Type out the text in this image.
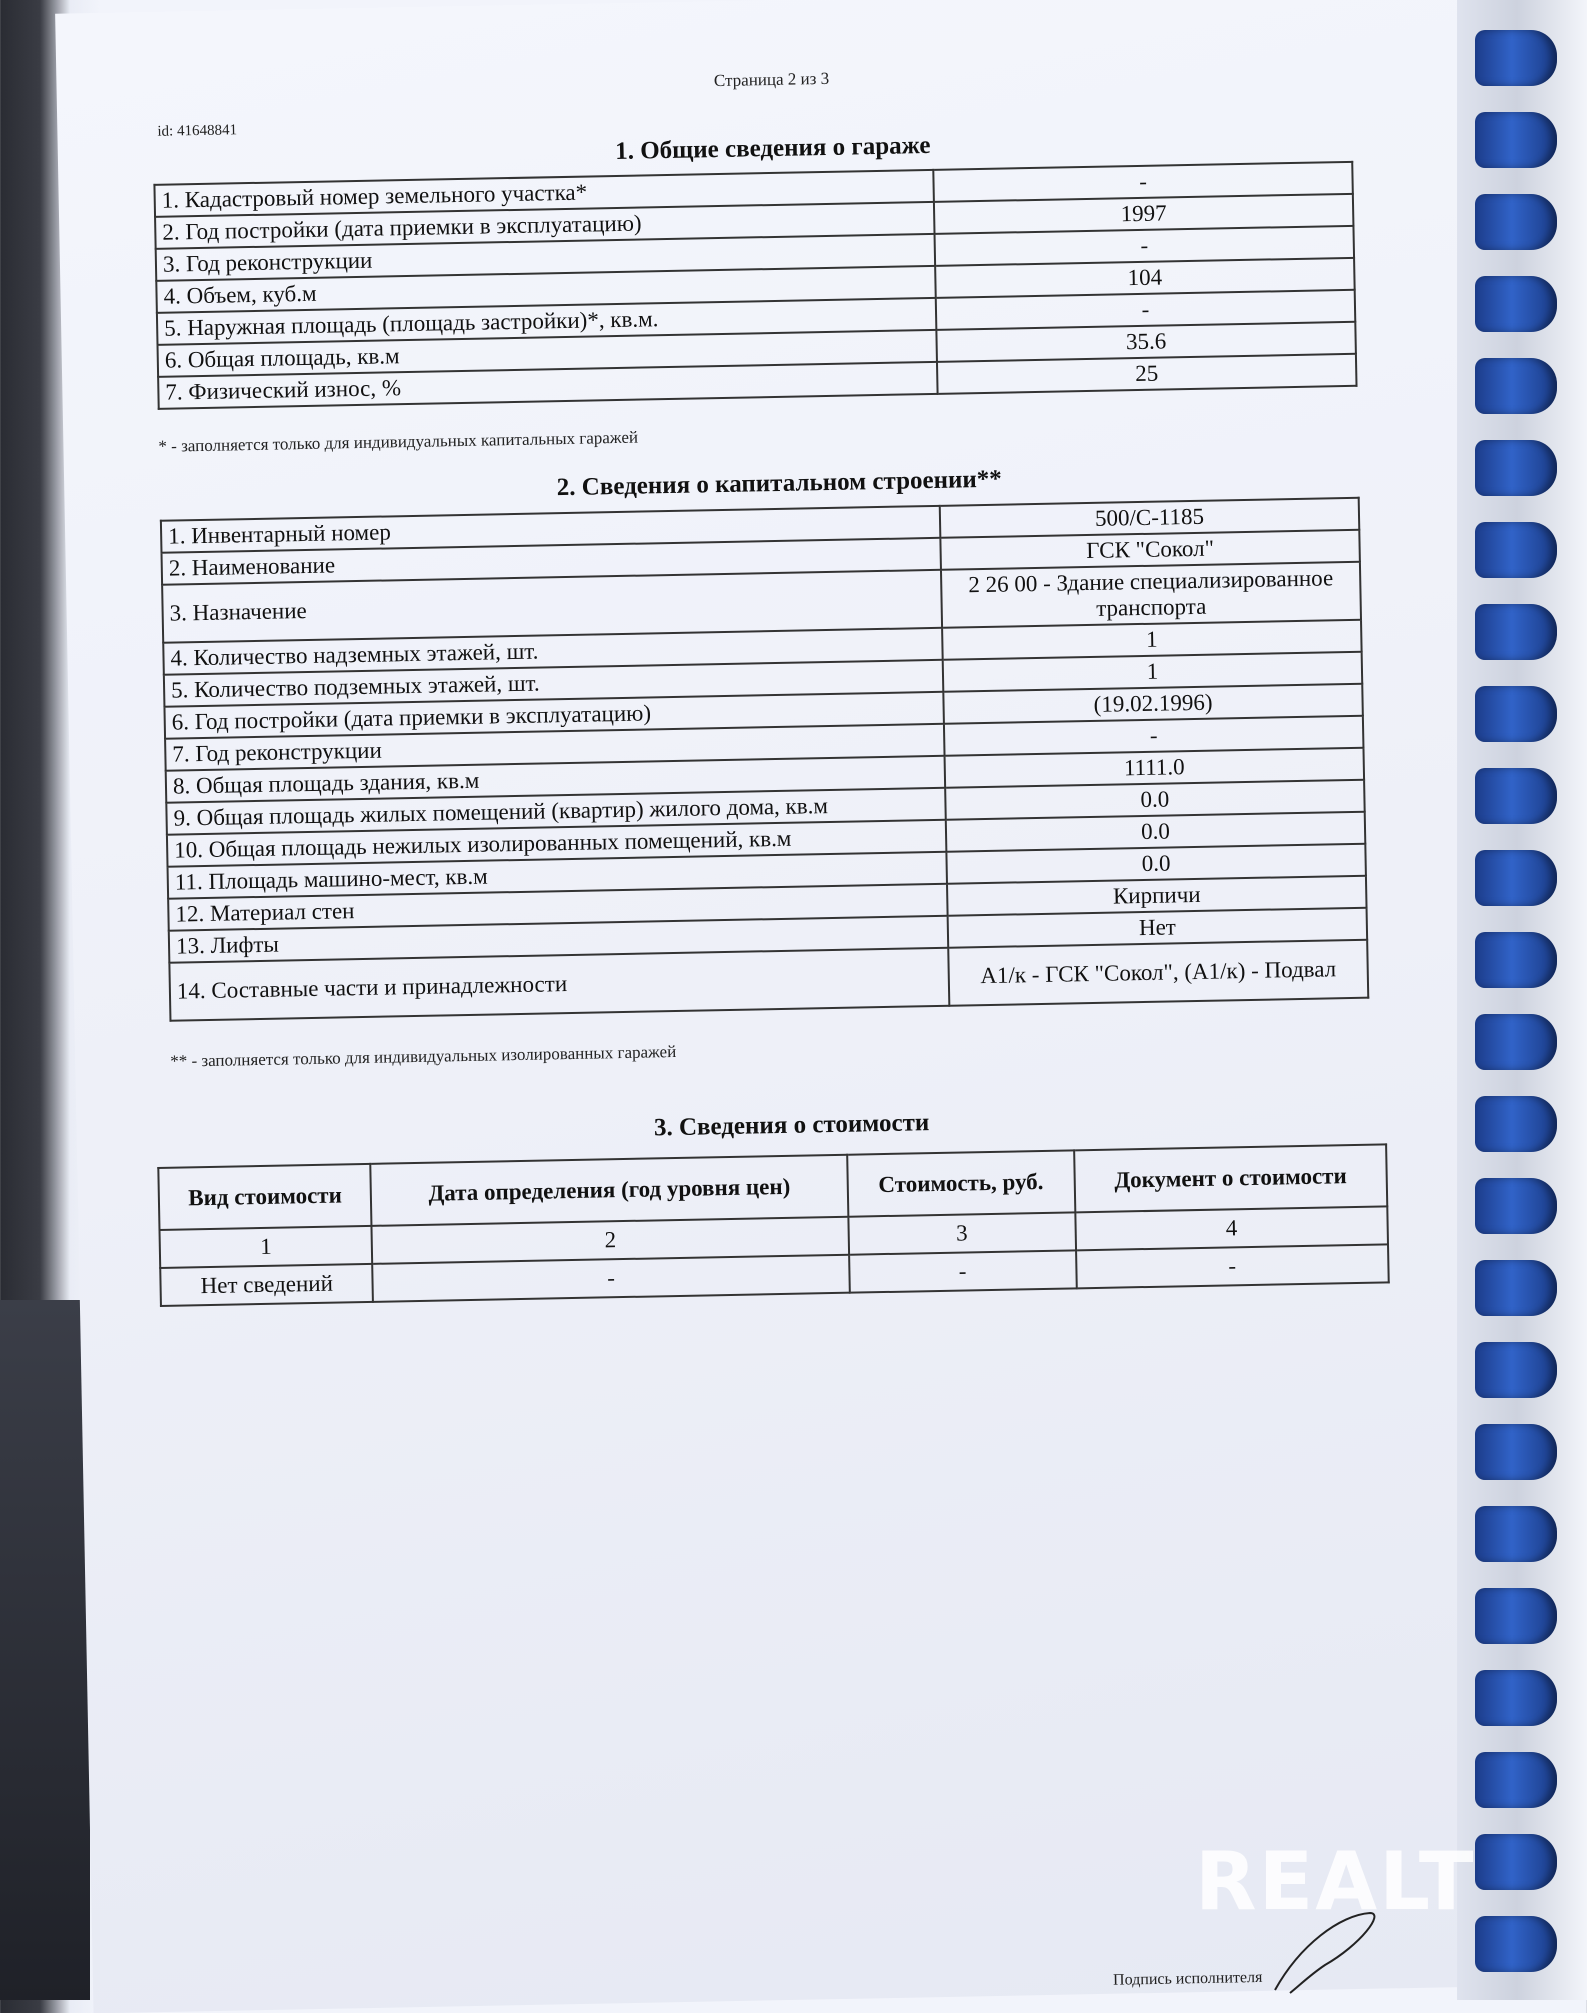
Страница 2 из 3
id: 41648841
1. Общие сведения о гараже
1. Кадастровый номер земельного участка*	-
2. Год постройки (дата приемки в эксплуатацию)	1997
3. Год реконструкции	-
4. Объем, куб.м	104
5. Наружная площадь (площадь застройки)*, кв.м.	-
6. Общая площадь, кв.м	35.6
7. Физический износ, %	25
* - заполняется только для индивидуальных капитальных гаражей
2. Сведения о капитальном строении**
1. Инвентарный номер	500/С-1185
2. Наименование	ГСК "Сокол"
3. Назначение	2 26 00 - Здание специализированное транспорта
4. Количество надземных этажей, шт.	1
5. Количество подземных этажей, шт.	1
6. Год постройки (дата приемки в эксплуатацию)	(19.02.1996)
7. Год реконструкции	-
8. Общая площадь здания, кв.м	1111.0
9. Общая площадь жилых помещений (квартир) жилого дома, кв.м	0.0
10. Общая площадь нежилых изолированных помещений, кв.м	0.0
11. Площадь машино-мест, кв.м	0.0
12. Материал стен	Кирпичи
13. Лифты	Нет
14. Составные части и принадлежности	А1/к - ГСК "Сокол", (А1/к) - Подвал
** - заполняется только для индивидуальных изолированных гаражей
3. Сведения о стоимости
Вид стоимости	Дата определения (год уровня цен)	Стоимость, руб.	Документ о стоимости
1	2	3	4
Нет сведений	-	-	-
Подпись исполнителя
REALT
